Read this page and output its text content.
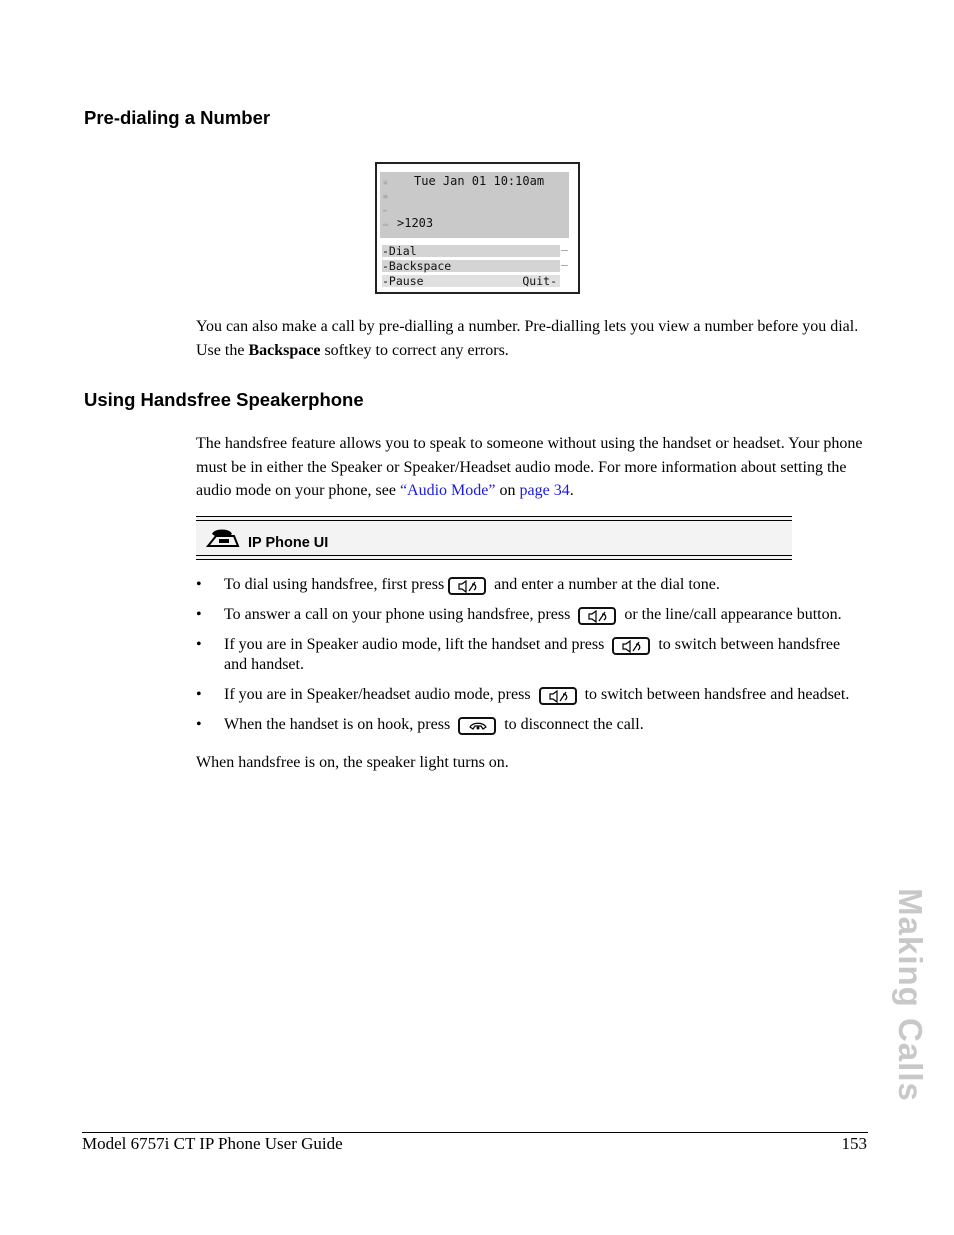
Pre-dialing a Number
✲
≡
←
▭
Tue Jan 01 10:10am
>1203
-Dial
-Backspace
-Pause	Quit-
You can also make a call by pre-dialling a number. Pre-dialling lets you view a number before you dial. Use the Backspace softkey to correct any errors.
Using Handsfree Speakerphone
The handsfree feature allows you to speak to someone without using the handset or headset. Your phone must be in either the Speaker or Speaker/Headset audio mode. For more information about setting the audio mode on your phone, see “Audio Mode” on page 34.
IP Phone UI
• To dial using handsfree, first press	and enter a number at the dial tone.
• To answer a call on your phone using handsfree, press	or the line/call appearance button.
• If you are in Speaker audio mode, lift the handset and press	to switch between handsfree and handset.
• If you are in Speaker/headset audio mode, press	to switch between handsfree and headset.
• When the handset is on hook, press	to disconnect the call.
When handsfree is on, the speaker light turns on.
Making Calls
Model 6757i CT IP Phone User Guide	153
